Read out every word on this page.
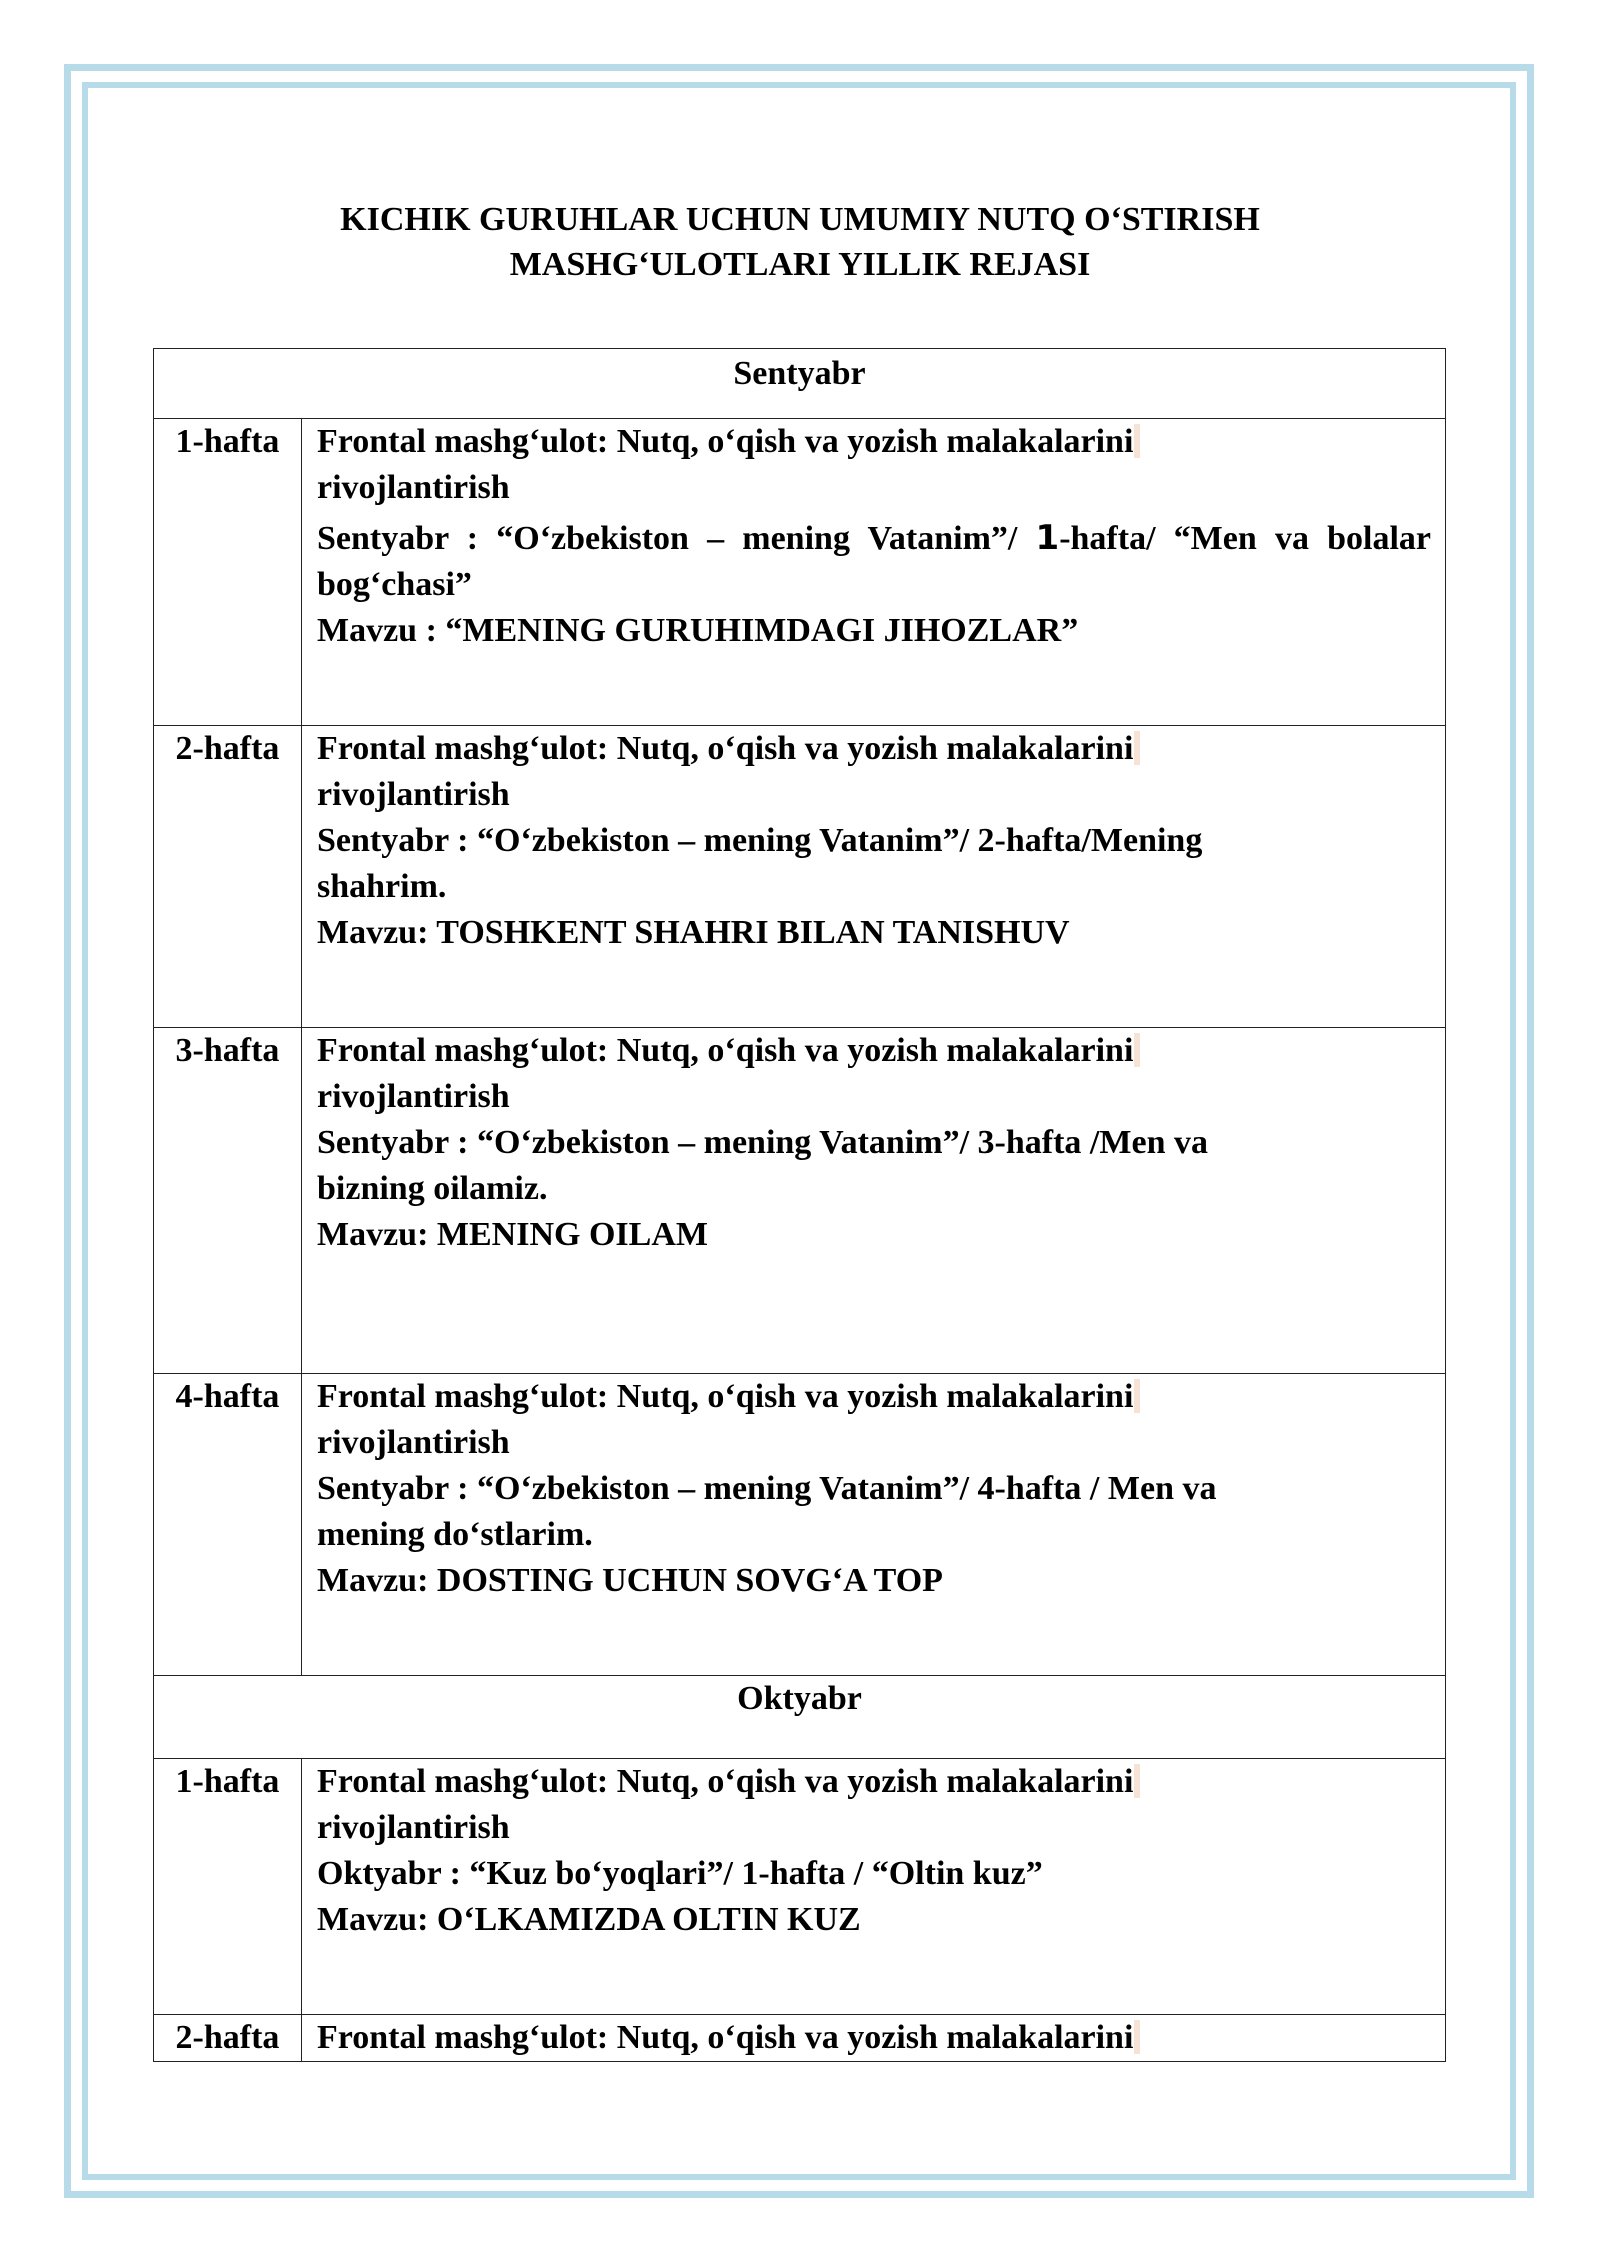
KICHIK GURUHLAR UCHUN UMUMIY NUTQ O‘STIRISH
MASHG‘ULOTLARI YILLIK REJASI
Sentyabr	

1-hafta	Frontal mashg‘ulot: Nutq, o‘qish va yozish malakalarini
rivojlantirish
Sentyabr : “O‘zbekiston – mening Vatanim”/ 1-hafta/ “Men va bolalar bog‘chasi”
Mavzu : “MENING GURUHIMDAGI JIHOZLAR”

2-hafta	Frontal mashg‘ulot: Nutq, o‘qish va yozish malakalarini
rivojlantirish
Sentyabr : “O‘zbekiston – mening Vatanim”/ 2-hafta/Mening shahrim.
Mavzu: TOSHKENT SHAHRI BILAN TANISHUV

3-hafta	Frontal mashg‘ulot: Nutq, o‘qish va yozish malakalarini
rivojlantirish
Sentyabr : “O‘zbekiston – mening Vatanim”/ 3-hafta /Men va bizning oilamiz.
Mavzu: MENING OILAM

4-hafta	Frontal mashg‘ulot: Nutq, o‘qish va yozish malakalarini
rivojlantirish
Sentyabr : “O‘zbekiston – mening Vatanim”/ 4-hafta / Men va mening do‘stlarim.
Mavzu: DOSTING UCHUN SOVG‘A TOP

Oktyabr	

1-hafta	Frontal mashg‘ulot: Nutq, o‘qish va yozish malakalarini
rivojlantirish
Oktyabr : “Kuz bo‘yoqlari”/ 1-hafta / “Oltin kuz”
Mavzu: O‘LKAMIZDA OLTIN KUZ

2-hafta	Frontal mashg‘ulot: Nutq, o‘qish va yozish malakalarini
